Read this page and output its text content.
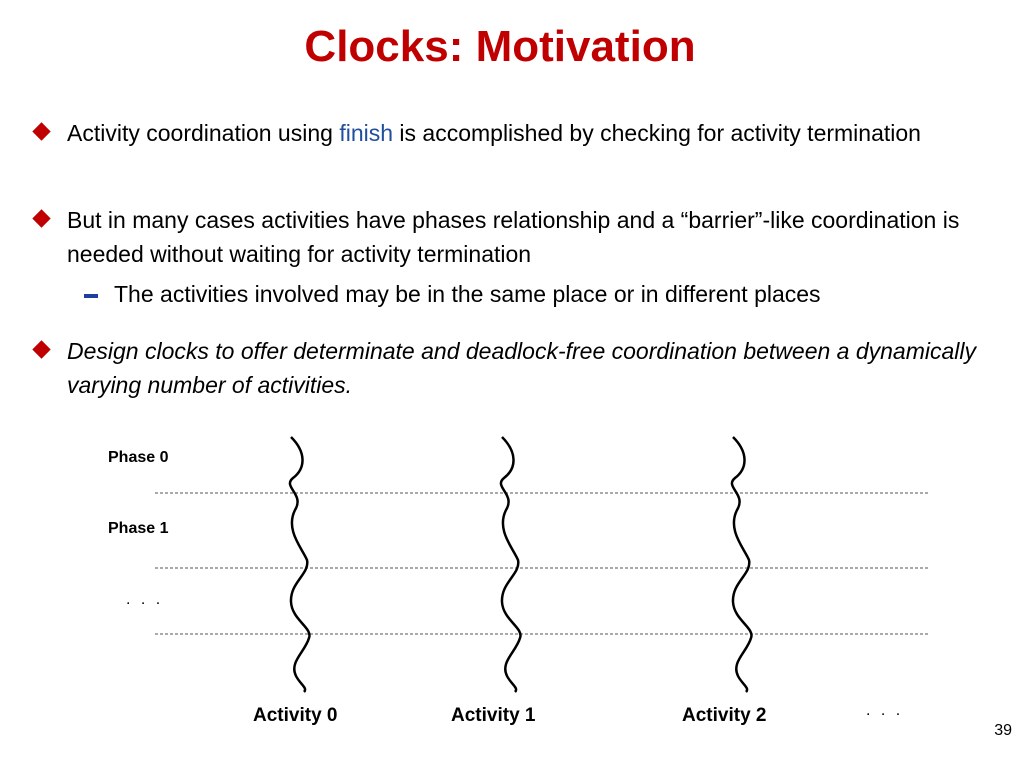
Clocks: Motivation
Activity coordination using finish is accomplished by checking for activity termination
But in many cases activities have phases relationship and a “barrier”-like coordination is needed without waiting for activity termination
The activities involved may be in the same place or in different places
Design clocks to offer determinate and deadlock-free coordination between a dynamically varying number of activities.
Phase 0
Phase 1
. . .
Activity 0	Activity 1	Activity 2	. . .
39
